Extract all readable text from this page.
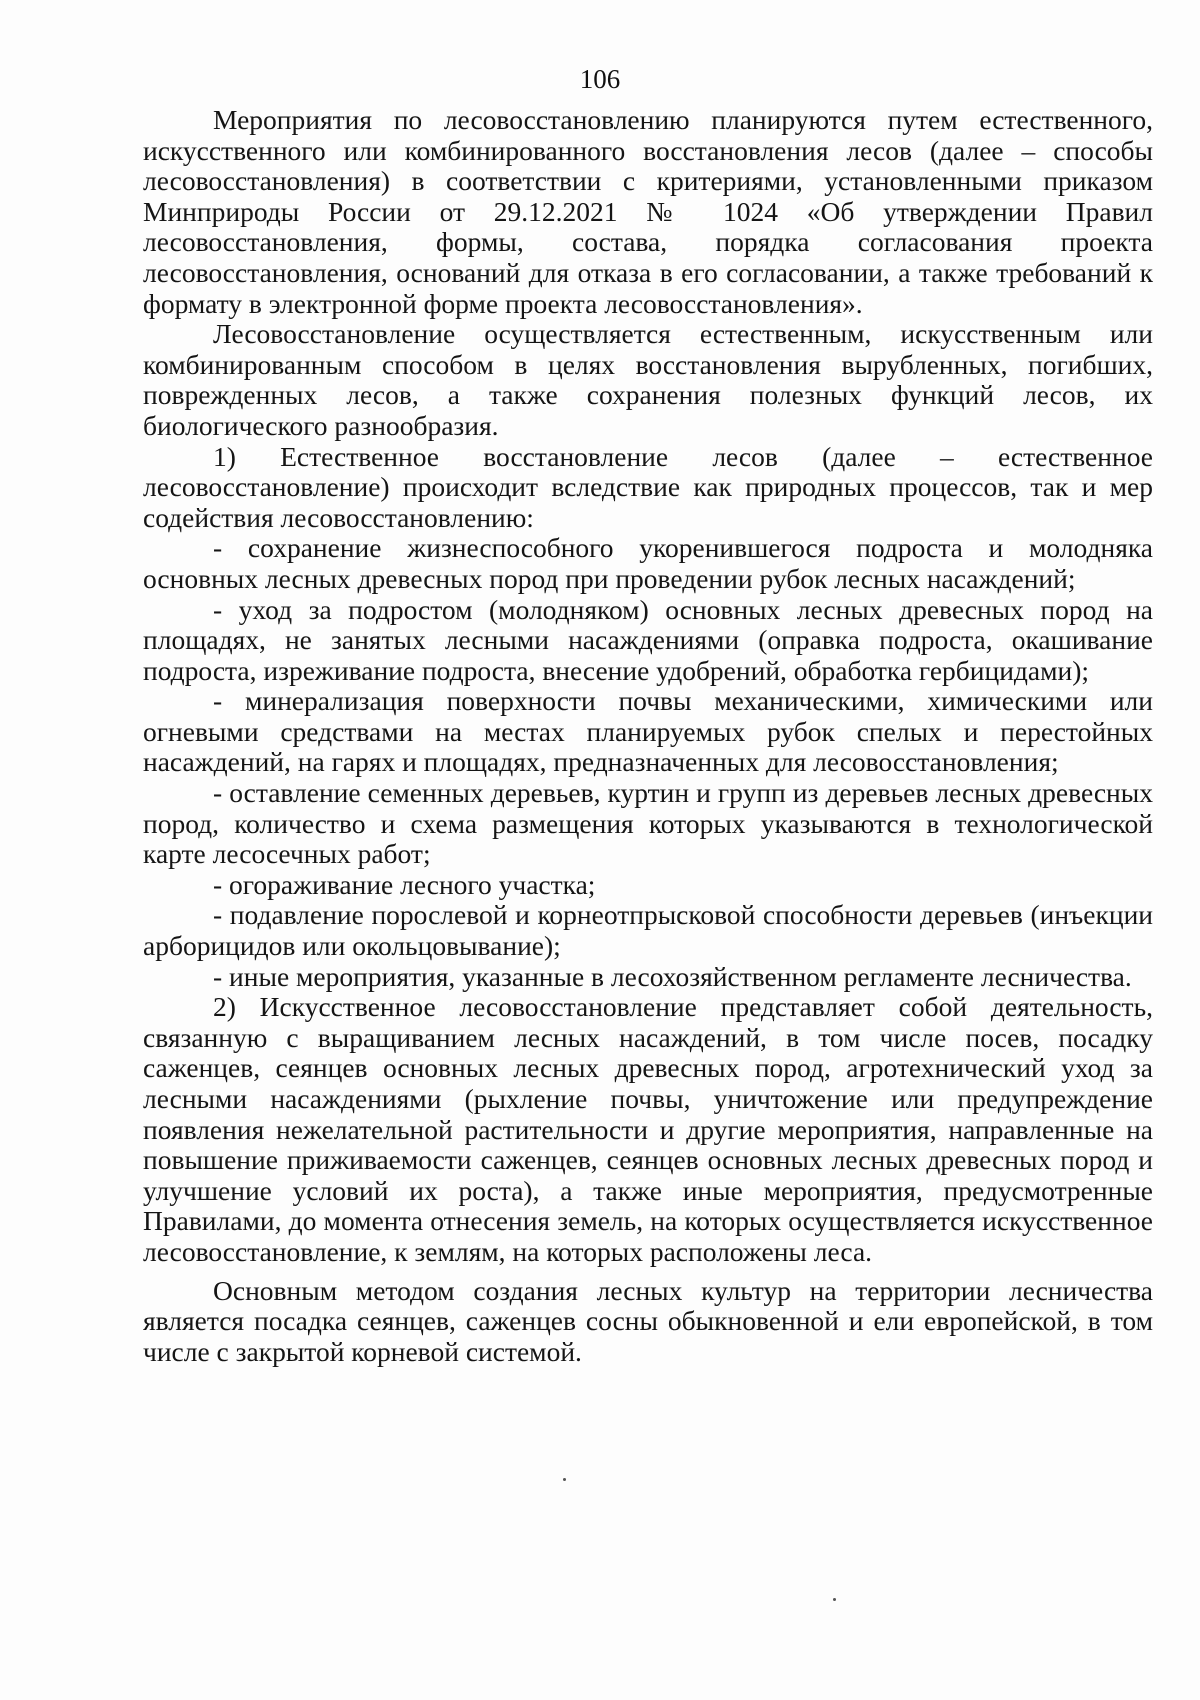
106

Мероприятия по лесовосстановлению планируются путем естественного, искусственного или комбинированного восстановления лесов (далее – способы лесовосстановления) в соответствии с критериями, установленными приказом Минприроды России от 29.12.2021 № 1024 «Об утверждении Правил лесовосстановления, формы, состава, порядка согласования проекта лесовосстановления, оснований для отказа в его согласовании, а также требований к формату в электронной форме проекта лесовосстановления».

Лесовосстановление осуществляется естественным, искусственным или комбинированным способом в целях восстановления вырубленных, погибших, поврежденных лесов, а также сохранения полезных функций лесов, их биологического разнообразия.

1) Естественное восстановление лесов (далее – естественное лесовосстановление) происходит вследствие как природных процессов, так и мер содействия лесовосстановлению:

- сохранение жизнеспособного укоренившегося подроста и молодняка основных лесных древесных пород при проведении рубок лесных насаждений;

- уход за подростом (молодняком) основных лесных древесных пород на площадях, не занятых лесными насаждениями (оправка подроста, окашивание подроста, изреживание подроста, внесение удобрений, обработка гербицидами);

- минерализация поверхности почвы механическими, химическими или огневыми средствами на местах планируемых рубок спелых и перестойных насаждений, на гарях и площадях, предназначенных для лесовосстановления;

- оставление семенных деревьев, куртин и групп из деревьев лесных древесных пород, количество и схема размещения которых указываются в технологической карте лесосечных работ;

- огораживание лесного участка;

- подавление порослевой и корнеотпрысковой способности деревьев (инъекции арборицидов или окольцовывание);

- иные мероприятия, указанные в лесохозяйственном регламенте лесничества.

2) Искусственное лесовосстановление представляет собой деятельность, связанную с выращиванием лесных насаждений, в том числе посев, посадку саженцев, сеянцев основных лесных древесных пород, агротехнический уход за лесными насаждениями (рыхление почвы, уничтожение или предупреждение появления нежелательной растительности и другие мероприятия, направленные на повышение приживаемости саженцев, сеянцев основных лесных древесных пород и улучшение условий их роста), а также иные мероприятия, предусмотренные Правилами, до момента отнесения земель, на которых осуществляется искусственное лесовосстановление, к землям, на которых расположены леса.

Основным методом создания лесных культур на территории лесничества является посадка сеянцев, саженцев сосны обыкновенной и ели европейской, в том числе с закрытой корневой системой.
